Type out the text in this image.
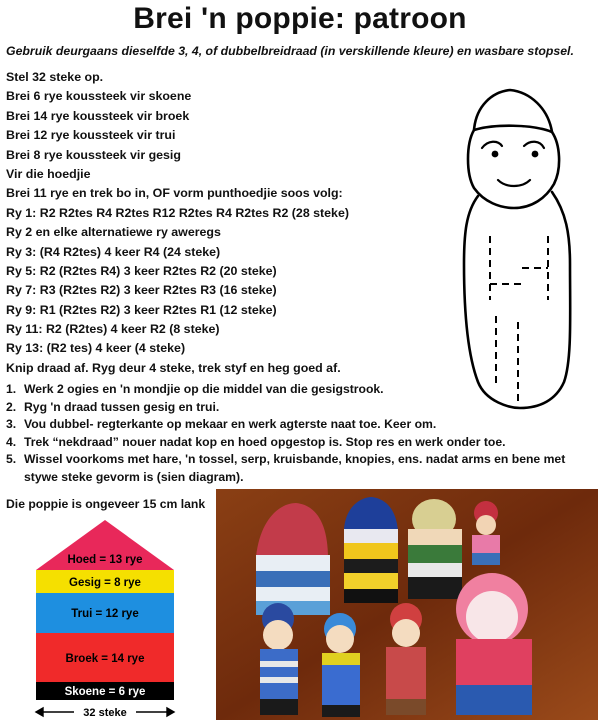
Brei 'n poppie: patroon
Gebruik deurgaans dieselfde 3, 4, of dubbelbreidraad (in verskillende kleure) en wasbare stopsel.
Stel 32 steke op.
Brei 6 rye koussteek vir skoene
Brei 14 rye koussteek vir broek
Brei 12 rye koussteek vir trui
Brei 8 rye koussteek vir gesig
Vir die hoedjie
Brei 11 rye en trek bo in, OF vorm punthoedjie soos volg:
Ry 1: R2 R2tes R4 R2tes R12 R2tes R4 R2tes R2 (28 steke)
Ry 2 en elke alternatiewe ry aweregs
Ry 3: (R4 R2tes) 4 keer R4 (24 steke)
Ry 5: R2 (R2tes R4) 3 keer R2tes R2 (20 steke)
Ry 7: R3 (R2tes R2) 3 keer R2tes R3 (16 steke)
Ry 9: R1 (R2tes R2) 3 keer R2tes R1 (12 steke)
Ry 11: R2 (R2tes) 4 keer R2 (8 steke)
Ry 13: (R2 tes) 4 keer (4 steke)
Knip draad af. Ryg deur 4 steke, trek styf en heg goed af.
1. Werk 2 ogies en 'n mondjie op die middel van die gesigstrook.
2. Ryg 'n draad tussen gesig en trui.
3. Vou dubbel- regterkante op mekaar en werk agterste naat toe. Keer om.
4. Trek “nekdraad” nouer nadat kop en hoed opgestop is. Stop res en werk onder toe.
5. Wissel voorkoms met hare, 'n tossel, serp, kruisbande, knopies, ens. nadat arms en bene met stywe steke gevorm is (sien diagram).
Die poppie is ongeveer 15 cm lank
Hoed = 13 rye
Gesig = 8 rye
Trui = 12 rye
Broek = 14 rye
Skoene = 6 rye
32 steke
